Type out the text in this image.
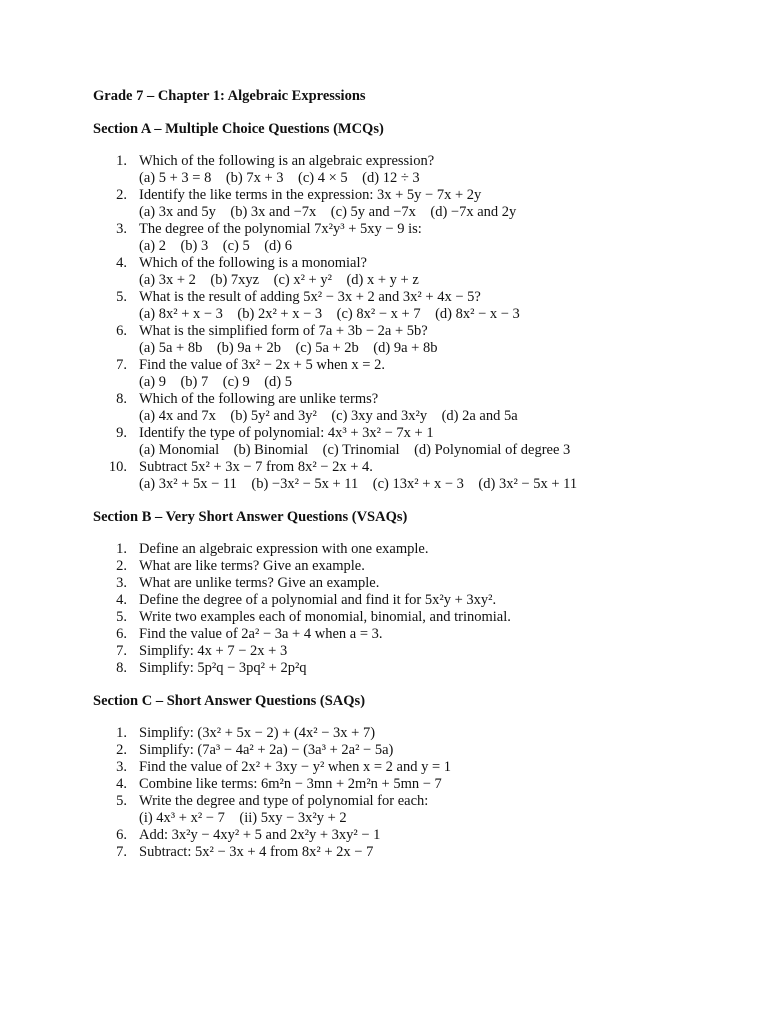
Grade 7 – Chapter 1: Algebraic Expressions
Section A – Multiple Choice Questions (MCQs)
1. Which of the following is an algebraic expression?
(a) 5 + 3 = 8    (b) 7x + 3    (c) 4 × 5    (d) 12 ÷ 3
2. Identify the like terms in the expression: 3x + 5y − 7x + 2y
(a) 3x and 5y    (b) 3x and −7x    (c) 5y and −7x    (d) −7x and 2y
3. The degree of the polynomial 7x²y³ + 5xy − 9 is:
(a) 2    (b) 3    (c) 5    (d) 6
4. Which of the following is a monomial?
(a) 3x + 2    (b) 7xyz    (c) x² + y²    (d) x + y + z
5. What is the result of adding 5x² − 3x + 2 and 3x² + 4x − 5?
(a) 8x² + x − 3    (b) 2x² + x − 3    (c) 8x² − x + 7    (d) 8x² − x − 3
6. What is the simplified form of 7a + 3b − 2a + 5b?
(a) 5a + 8b    (b) 9a + 2b    (c) 5a + 2b    (d) 9a + 8b
7. Find the value of 3x² − 2x + 5 when x = 2.
(a) 9    (b) 7    (c) 9    (d) 5
8. Which of the following are unlike terms?
(a) 4x and 7x    (b) 5y² and 3y²    (c) 3xy and 3x²y    (d) 2a and 5a
9. Identify the type of polynomial: 4x³ + 3x² − 7x + 1
(a) Monomial    (b) Binomial    (c) Trinomial    (d) Polynomial of degree 3
10. Subtract 5x² + 3x − 7 from 8x² − 2x + 4.
(a) 3x² + 5x − 11    (b) −3x² − 5x + 11    (c) 13x² + x − 3    (d) 3x² − 5x + 11
Section B – Very Short Answer Questions (VSAQs)
1. Define an algebraic expression with one example.
2. What are like terms? Give an example.
3. What are unlike terms? Give an example.
4. Define the degree of a polynomial and find it for 5x²y + 3xy².
5. Write two examples each of monomial, binomial, and trinomial.
6. Find the value of 2a² − 3a + 4 when a = 3.
7. Simplify: 4x + 7 − 2x + 3
8. Simplify: 5p²q − 3pq² + 2p²q
Section C – Short Answer Questions (SAQs)
1. Simplify: (3x² + 5x − 2) + (4x² − 3x + 7)
2. Simplify: (7a³ − 4a² + 2a) − (3a³ + 2a² − 5a)
3. Find the value of 2x² + 3xy − y² when x = 2 and y = 1
4. Combine like terms: 6m²n − 3mn + 2m²n + 5mn − 7
5. Write the degree and type of polynomial for each:
(i) 4x³ + x² − 7    (ii) 5xy − 3x²y + 2
6. Add: 3x²y − 4xy² + 5 and 2x²y + 3xy² − 1
7. Subtract: 5x² − 3x + 4 from 8x² + 2x − 7
